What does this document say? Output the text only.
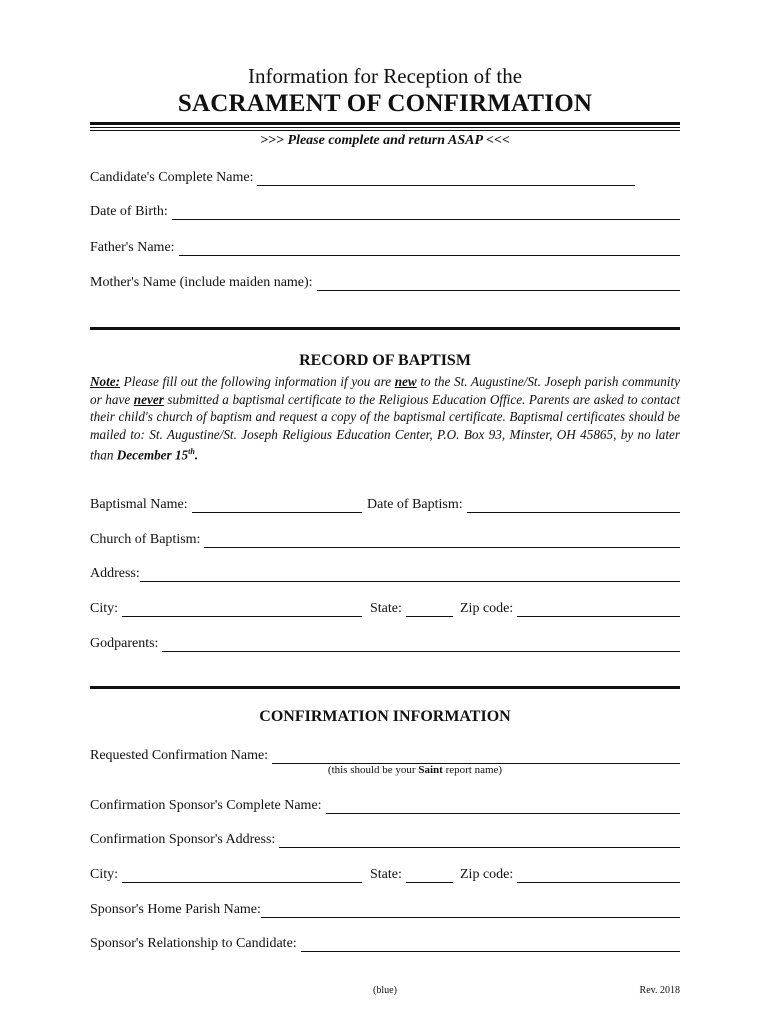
Information for Reception of the
SACRAMENT OF CONFIRMATION
>>> Please complete and return ASAP <<<
Candidate's Complete Name:
Date of Birth:
Father's Name:
Mother's Name (include maiden name):
RECORD OF BAPTISM
Note: Please fill out the following information if you are new to the St. Augustine/St. Joseph parish community or have never submitted a baptismal certificate to the Religious Education Office. Parents are asked to contact their child's church of baptism and request a copy of the baptismal certificate. Baptismal certificates should be mailed to: St. Augustine/St. Joseph Religious Education Center, P.O. Box 93, Minster, OH 45865, by no later than December 15th.
Baptismal Name:	Date of Baptism:
Church of Baptism:
Address:
City:	State:	Zip code:
Godparents:
CONFIRMATION INFORMATION
Requested Confirmation Name:
(this should be your Saint report name)
Confirmation Sponsor's Complete Name:
Confirmation Sponsor's Address:
City:	State:	Zip code:
Sponsor's Home Parish Name:
Sponsor's Relationship to Candidate:
(blue)	Rev. 2018
